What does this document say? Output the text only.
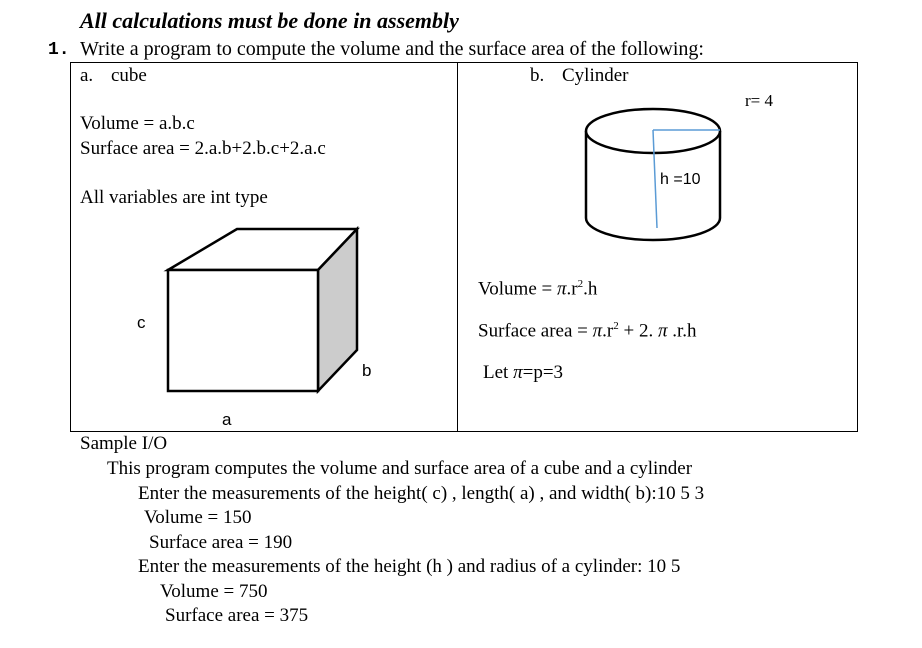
All calculations must be done in assembly
1. Write a program to compute the volume and the surface area of the following:
a. cube
Volume = a.b.c
Surface area = 2.a.b+2.b.c+2.a.c
All variables are int type
c
a
b
b. Cylinder
r= 4
h =10
Volume = $\pi.r^2.h$
Surface area = $\pi.r^2 + 2$. π .r.h
Let π=p=3
Sample I/O
This program computes the volume and surface area of a cube and a cylinder
Enter the measurements of the height( c) , length( a) , and width( b):10 5 3
Volume = 150
Surface area = 190
Enter the measurements of the height (h ) and radius of a cylinder: 10 5
Volume = 750
Surface area = 375
